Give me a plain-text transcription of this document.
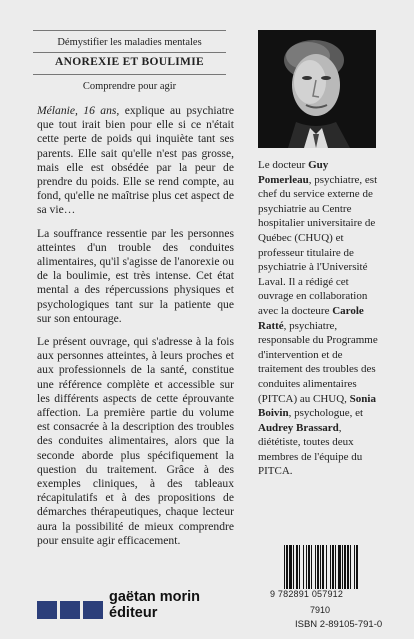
Démystifier les maladies mentales
ANOREXIE ET BOULIMIE
Comprendre pour agir

Mélanie, 16 ans, explique au psychiatre que tout irait bien pour elle si ce n'était cette perte de poids qui inquiète tant ses parents. Elle sait qu'elle n'est pas grosse, mais elle est obsédée par la peur de prendre du poids. Elle se rend compte, au fond, qu'elle ne maîtrise plus cet aspect de sa vie…

La souffrance ressentie par les personnes atteintes d'un trouble des conduites alimentaires, qu'il s'agisse de l'anorexie ou de la boulimie, est très intense. Cet état mental a des répercussions physiques et psychologiques tant sur la patiente que sur son entourage.

Le présent ouvrage, qui s'adresse à la fois aux personnes atteintes, à leurs proches et aux professionnels de la santé, constitue une référence complète et accessible sur les différents aspects de cette éprouvante affection. La première partie du volume est consacrée à la description des troubles des conduites alimentaires, alors que la seconde aborde plus spécifiquement la question du traitement. Grâce à des exemples cliniques, à des tableaux récapitulatifs et à des propositions de démarches thérapeutiques, chaque lecteur aura la possibilité de mieux comprendre pour ensuite agir efficacement.

Le docteur Guy Pomerleau, psychiatre, est chef du service externe de psychiatrie au Centre hospitalier universitaire de Québec (CHUQ) et professeur titulaire de psychiatrie à l'Université Laval. Il a rédigé cet ouvrage en collaboration avec la docteure Carole Ratté, psychiatre, responsable du Programme d'intervention et de traitement des troubles des conduites alimentaires (PITCA) au CHUQ, Sonia Boivin, psychologue, et Audrey Brassard, diététiste, toutes deux membres de l'équipe du PITCA.
9 782891 057912
7910
ISBN 2-89105-791-0
gaëtan morin
éditeur
